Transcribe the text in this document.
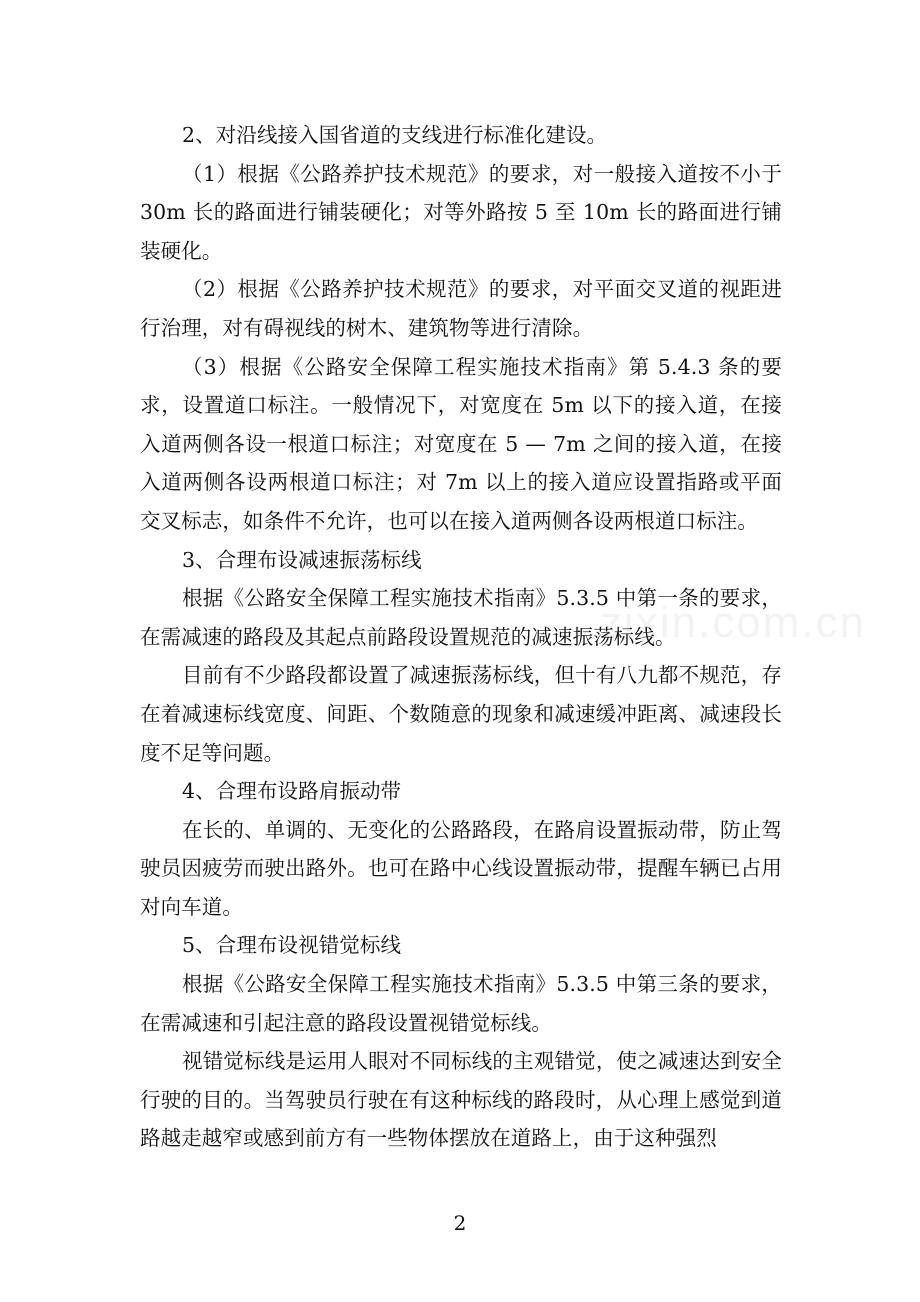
zixin.com.cn

2、对沿线接入国省道的支线进行标准化建设。

（1）根据《公路养护技术规范》的要求，对一般接入道按不小于 30m 长的路面进行铺装硬化；对等外路按 5 至 10m 长的路面进行铺装硬化。

（2）根据《公路养护技术规范》的要求，对平面交叉道的视距进行治理，对有碍视线的树木、建筑物等进行清除。

（3）根据《公路安全保障工程实施技术指南》第 5.4.3 条的要求，设置道口标注。一般情况下，对宽度在 5m 以下的接入道，在接入道两侧各设一根道口标注；对宽度在 5 — 7m 之间的接入道，在接入道两侧各设两根道口标注；对 7m 以上的接入道应设置指路或平面交叉标志，如条件不允许，也可以在接入道两侧各设两根道口标注。

3、合理布设减速振荡标线

根据《公路安全保障工程实施技术指南》5.3.5 中第一条的要求，在需减速的路段及其起点前路段设置规范的减速振荡标线。

目前有不少路段都设置了减速振荡标线，但十有八九都不规范，存在着减速标线宽度、间距、个数随意的现象和减速缓冲距离、减速段长度不足等问题。

4、合理布设路肩振动带

在长的、单调的、无变化的公路路段，在路肩设置振动带，防止驾驶员因疲劳而驶出路外。也可在路中心线设置振动带，提醒车辆已占用对向车道。

5、合理布设视错觉标线

根据《公路安全保障工程实施技术指南》5.3.5 中第三条的要求，在需减速和引起注意的路段设置视错觉标线。

视错觉标线是运用人眼对不同标线的主观错觉，使之减速达到安全行驶的目的。当驾驶员行驶在有这种标线的路段时，从心理上感觉到道路越走越窄或感到前方有一些物体摆放在道路上，由于这种强烈

2
